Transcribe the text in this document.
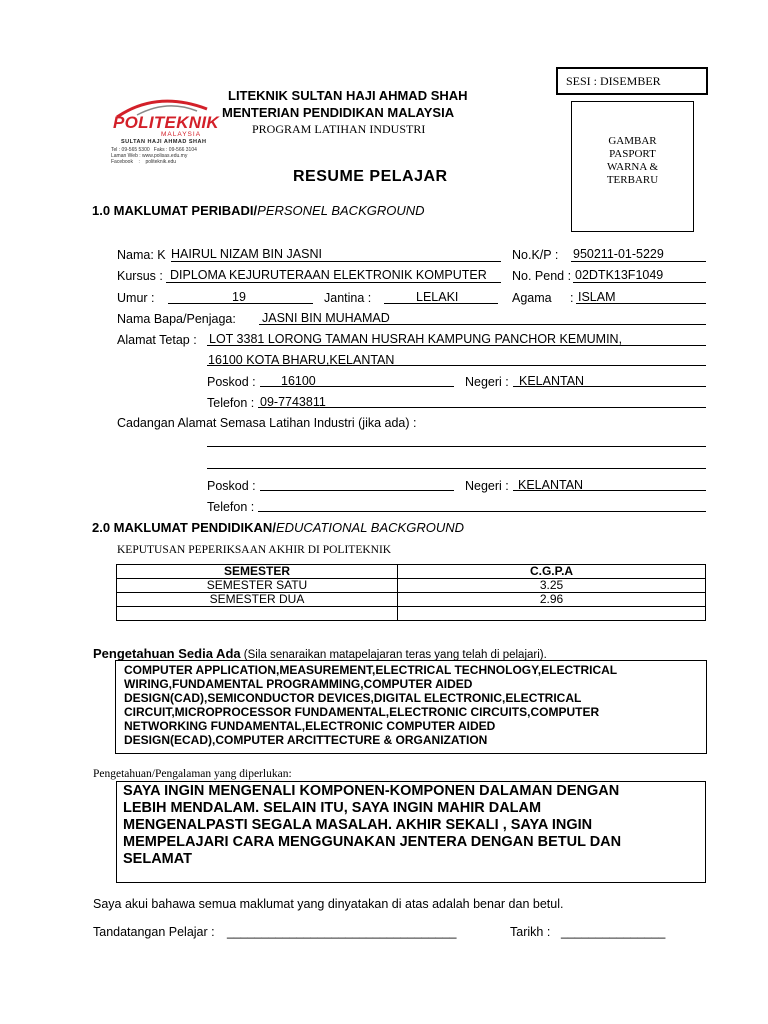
POLITEKNIK
MALAYSIA
SULTAN HAJI AHMAD SHAH
Tel : 09-565 5300   Faks : 09-566 3104
Laman Web : www.polisas.edu.my
Facebook    :    politeknik.edu
LITEKNIK SULTAN HAJI AHMAD SHAH
MENTERIAN PENDIDIKAN MALAYSIA
PROGRAM LATIHAN INDUSTRI
RESUME PELAJAR
SESI : DISEMBER
GAMBAR
PASPORT
WARNA &
TERBARU
1.0 MAKLUMAT PERIBADI/PERSONEL BACKGROUND
Nama: K HAIRUL NIZAM BIN JASNI	No.K/P : 950211-01-5229
Kursus : DIPLOMA KEJURUTERAAN ELEKTRONIK KOMPUTER No. Pend : 02DTK13F1049
Umur :	19	Jantina :	LELAKI	Agama : ISLAM
Nama Bapa/Penjaga: JASNI BIN MUHAMAD
Alamat Tetap : LOT 3381 LORONG TAMAN HUSRAH KAMPUNG PANCHOR KEMUMIN,
16100 KOTA BHARU,KELANTAN
Poskod : 16100	Negeri : KELANTAN
Telefon : 09-7743811
Cadangan Alamat Semasa Latihan Industri (jika ada) :
Poskod :	Negeri : KELANTAN
Telefon :
2.0 MAKLUMAT PENDIDIKAN/EDUCATIONAL BACKGROUND
KEPUTUSAN PEPERIKSAAN AKHIR DI POLITEKNIK
SEMESTER	C.G.P.A
SEMESTER SATU	3.25
SEMESTER DUA	2.96

Pengetahuan Sedia Ada (Sila senaraikan matapelajaran teras yang telah di pelajari).
COMPUTER APPLICATION,MEASUREMENT,ELECTRICAL TECHNOLOGY,ELECTRICAL
WIRING,FUNDAMENTAL PROGRAMMING,COMPUTER AIDED
DESIGN(CAD),SEMICONDUCTOR DEVICES,DIGITAL ELECTRONIC,ELECTRICAL
CIRCUIT,MICROPROCESSOR FUNDAMENTAL,ELECTRONIC CIRCUITS,COMPUTER
NETWORKING FUNDAMENTAL,ELECTRONIC COMPUTER AIDED
DESIGN(ECAD),COMPUTER ARCITTECTURE & ORGANIZATION
Pengetahuan/Pengalaman yang diperlukan:
SAYA INGIN MENGENALI KOMPONEN-KOMPONEN DALAMAN DENGAN
LEBIH MENDALAM. SELAIN ITU, SAYA INGIN MAHIR DALAM
MENGENALPASTI SEGALA MASALAH. AKHIR SEKALI , SAYA INGIN
MEMPELAJARI CARA MENGGUNAKAN JENTERA DENGAN BETUL DAN
SELAMAT
Saya akui bahawa semua maklumat yang dinyatakan di atas adalah benar dan betul.
Tandatangan Pelajar : _________________________________	Tarikh : _______________
